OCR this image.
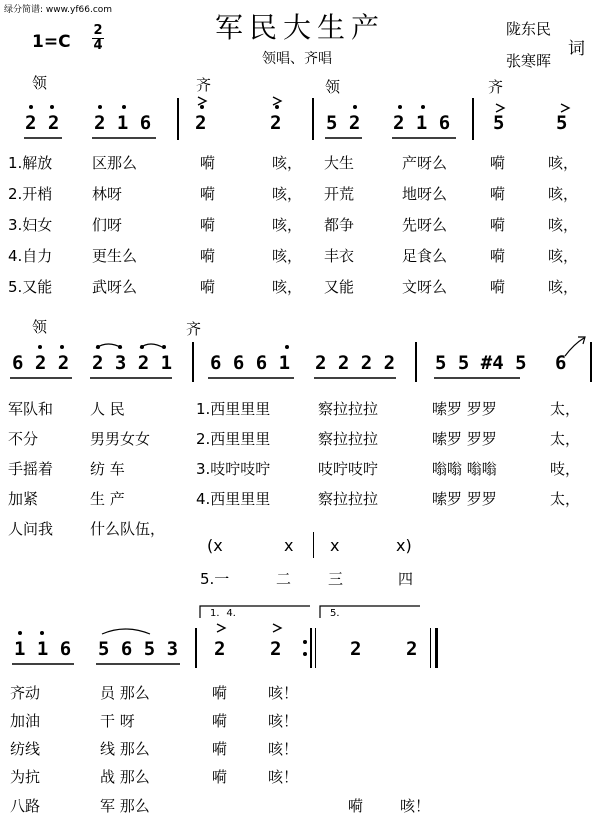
绿分简谱: www.yf66.com
军民大生产
领唱、齐唱
1=C
2
4
陇东民
词
张寒晖
领	齐	领	齐
2 2 2 1 6 2	2 5 2 2 1 6 5	5
1.解放	区那么	嗬	咳， 大生	产呀么	嗬	咳，
2.开梢	林呀	嗬	咳， 开荒	地呀么	嗬	咳，
3.妇女	们呀	嗬	咳， 都争	先呀么	嗬	咳，
4.自力	更生么	嗬	咳， 丰衣	足食么	嗬	咳，
5.又能	武呀么	嗬	咳， 又能	文呀么	嗬	咳，
领	齐
6 2 2 2 3 2 1 6 6 6 1 2 2 2 2 5 5 #4 5 6
军队和 人 民	1.西里里里	察拉拉拉	嗦罗 罗罗	太，
不分	男男女女	2.西里里里	察拉拉拉	嗦罗 罗罗	太，
手摇着 纺 车	3.吱咛吱咛	吱咛吱咛	嗡嗡 嗡嗡	吱，
加紧	生 产	4.西里里里	察拉拉拉	嗦罗 罗罗	太，
人问我 什么队伍，
(x	x x	x)
5.一	二 三	四
1．4．	5．
1 1 6 5 6 5 3 2 2	2 2
齐动	员 那么	嗬	咳！
加油	干 呀	嗬	咳！
纺线	线 那么	嗬	咳！
为抗	战 那么	嗬	咳！
八路	军 那么	嗬 咳！
